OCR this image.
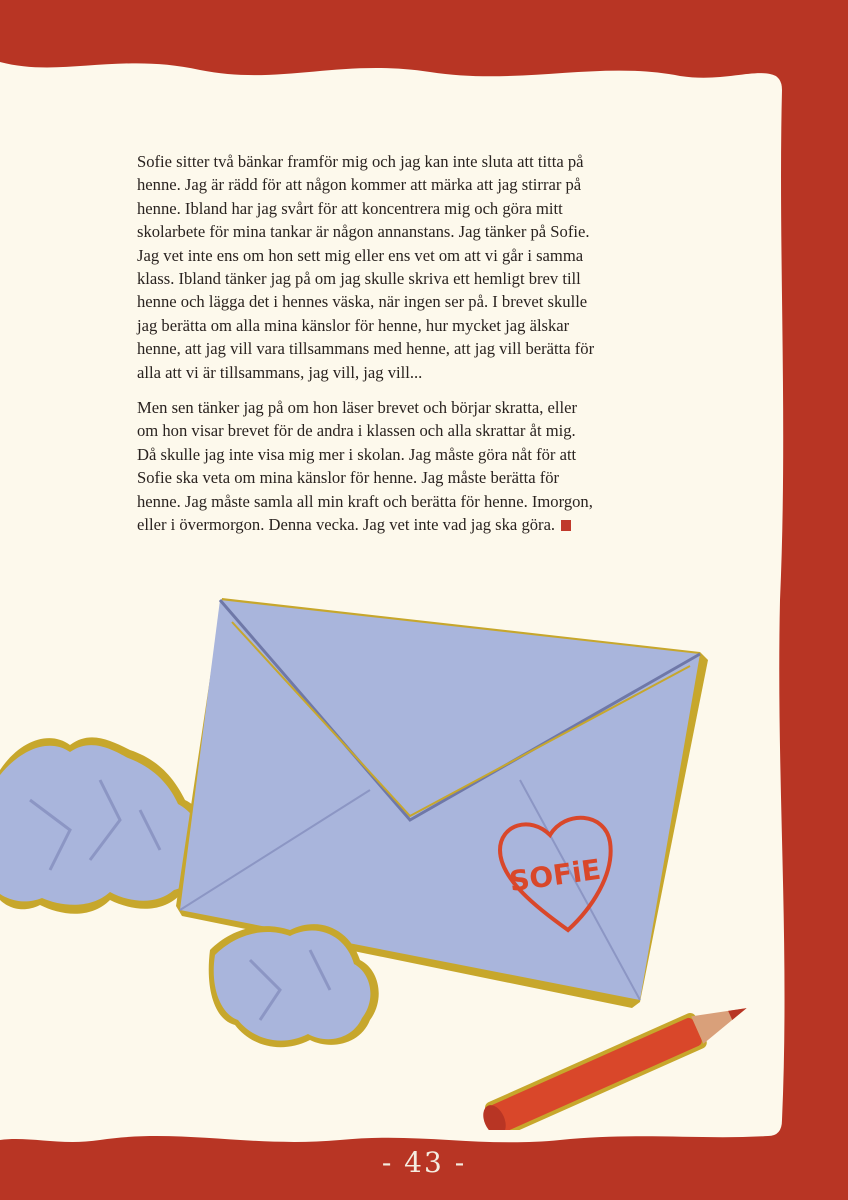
Sofie sitter två bänkar framför mig och jag kan inte sluta att titta på henne. Jag är rädd för att någon kommer att märka att jag stirrar på henne. Ibland har jag svårt för att koncentrera mig och göra mitt skolarbete för mina tankar är någon annanstans. Jag tänker på Sofie. Jag vet inte ens om hon sett mig eller ens vet om att vi går i samma klass. Ibland tänker jag på om jag skulle skriva ett hemligt brev till henne och lägga det i hennes väska, när ingen ser på. I brevet skulle jag berätta om alla mina känslor för henne, hur mycket jag älskar henne, att jag vill vara tillsammans med henne, att jag vill berätta för alla att vi är tillsammans, jag vill, jag vill...

Men sen tänker jag på om hon läser brevet och börjar skratta, eller om hon visar brevet för de andra i klassen och alla skrattar åt mig. Då skulle jag inte visa mig mer i skolan. Jag måste göra nåt för att Sofie ska veta om mina känslor för henne. Jag måste berätta för henne. Jag måste samla all min kraft och berätta för henne. Imorgon, eller i övermorgon. Denna vecka. Jag vet inte vad jag ska göra.

SOFiE
- 43 -
